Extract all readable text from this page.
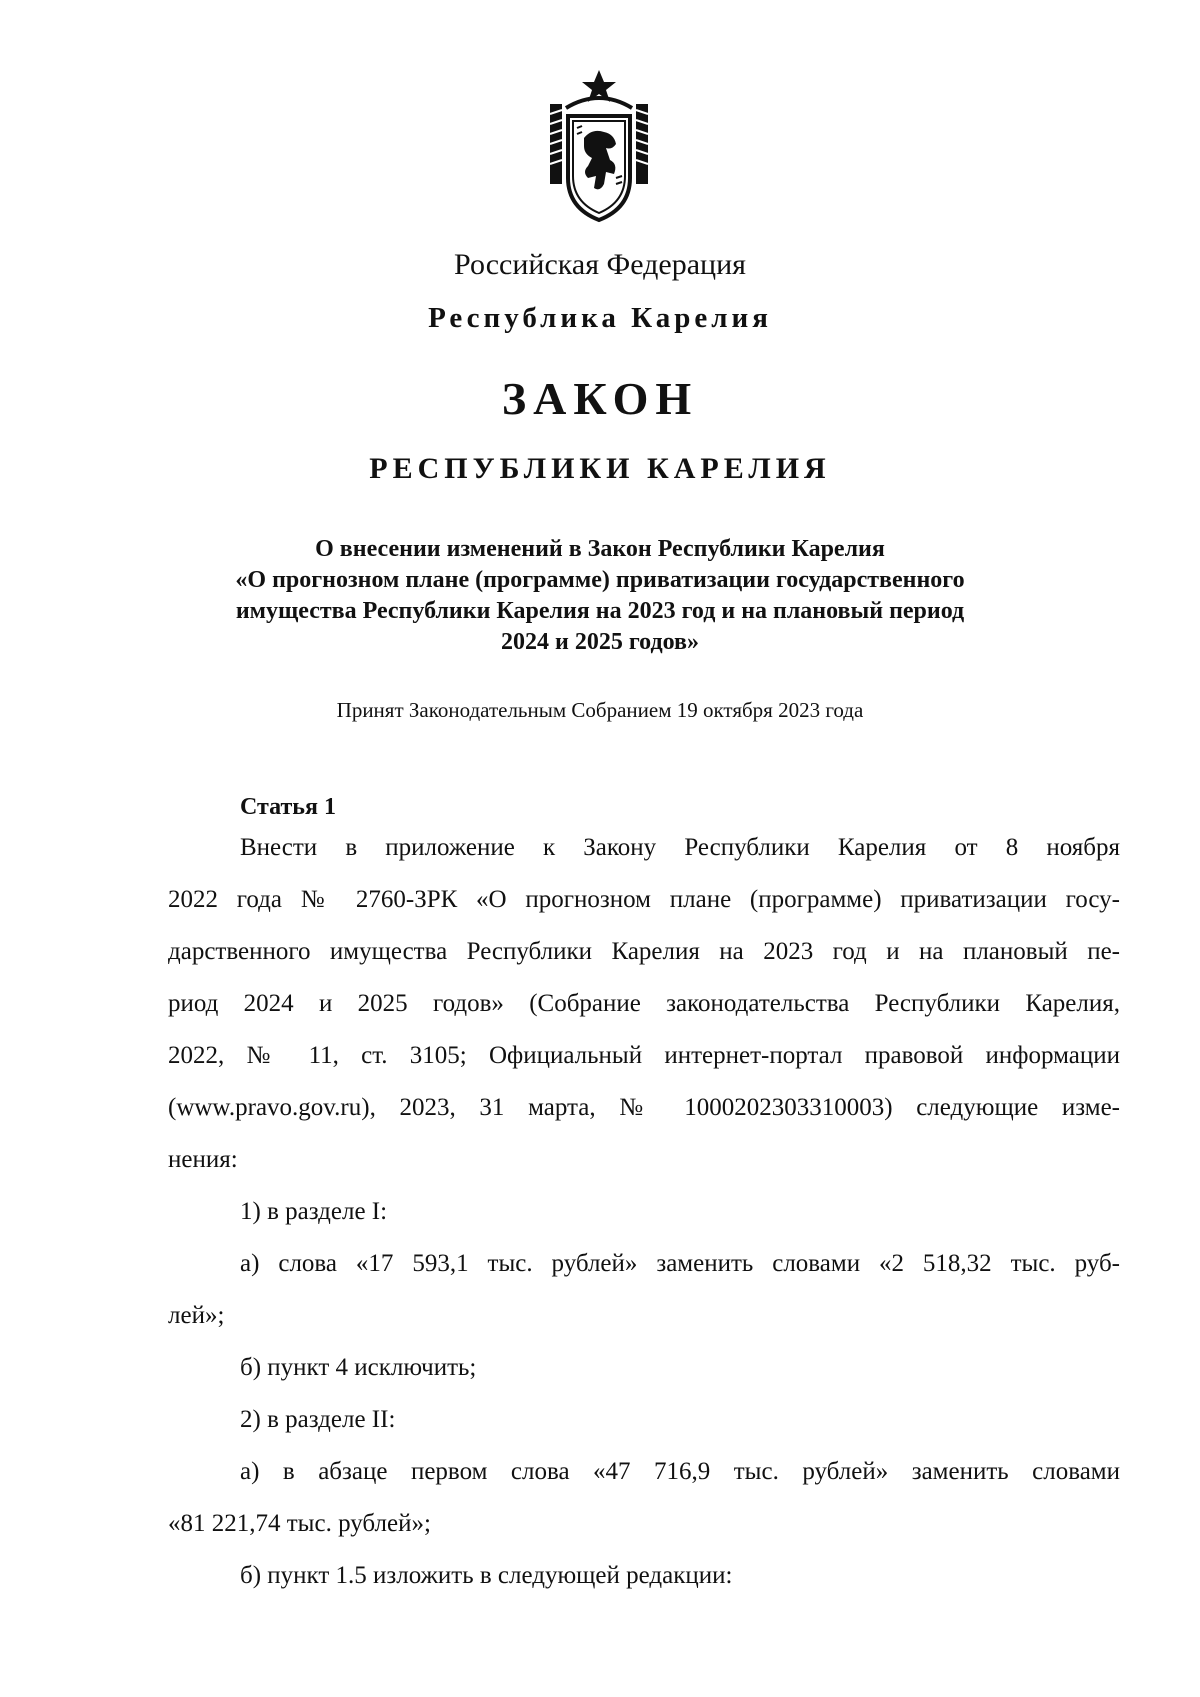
Российская Федерация
Республика Карелия
ЗАКОН
РЕСПУБЛИКИ КАРЕЛИЯ
О внесении изменений в Закон Республики Карелия
«О прогнозном плане (программе) приватизации государственного
имущества Республики Карелия на 2023 год и на плановый период
2024 и 2025 годов»
Принят Законодательным Собранием 19 октября 2023 года
Статья 1
Внести в приложение к Закону Республики Карелия от 8 ноября
2022 года № 2760-ЗРК «О прогнозном плане (программе) приватизации госу-
дарственного имущества Республики Карелия на 2023 год и на плановый пе-
риод 2024 и 2025 годов» (Собрание законодательства Республики Карелия,
2022, № 11, ст. 3105; Официальный интернет-портал правовой информации
(www.pravo.gov.ru), 2023, 31 марта, № 1000202303310003) следующие изме-
нения:
1) в разделе I:
а) слова «17 593,1 тыс. рублей» заменить словами «2 518,32 тыс. руб-
лей»;
б) пункт 4 исключить;
2) в разделе II:
а) в абзаце первом слова «47 716,9 тыс. рублей» заменить словами
«81 221,74 тыс. рублей»;
б) пункт 1.5 изложить в следующей редакции:
